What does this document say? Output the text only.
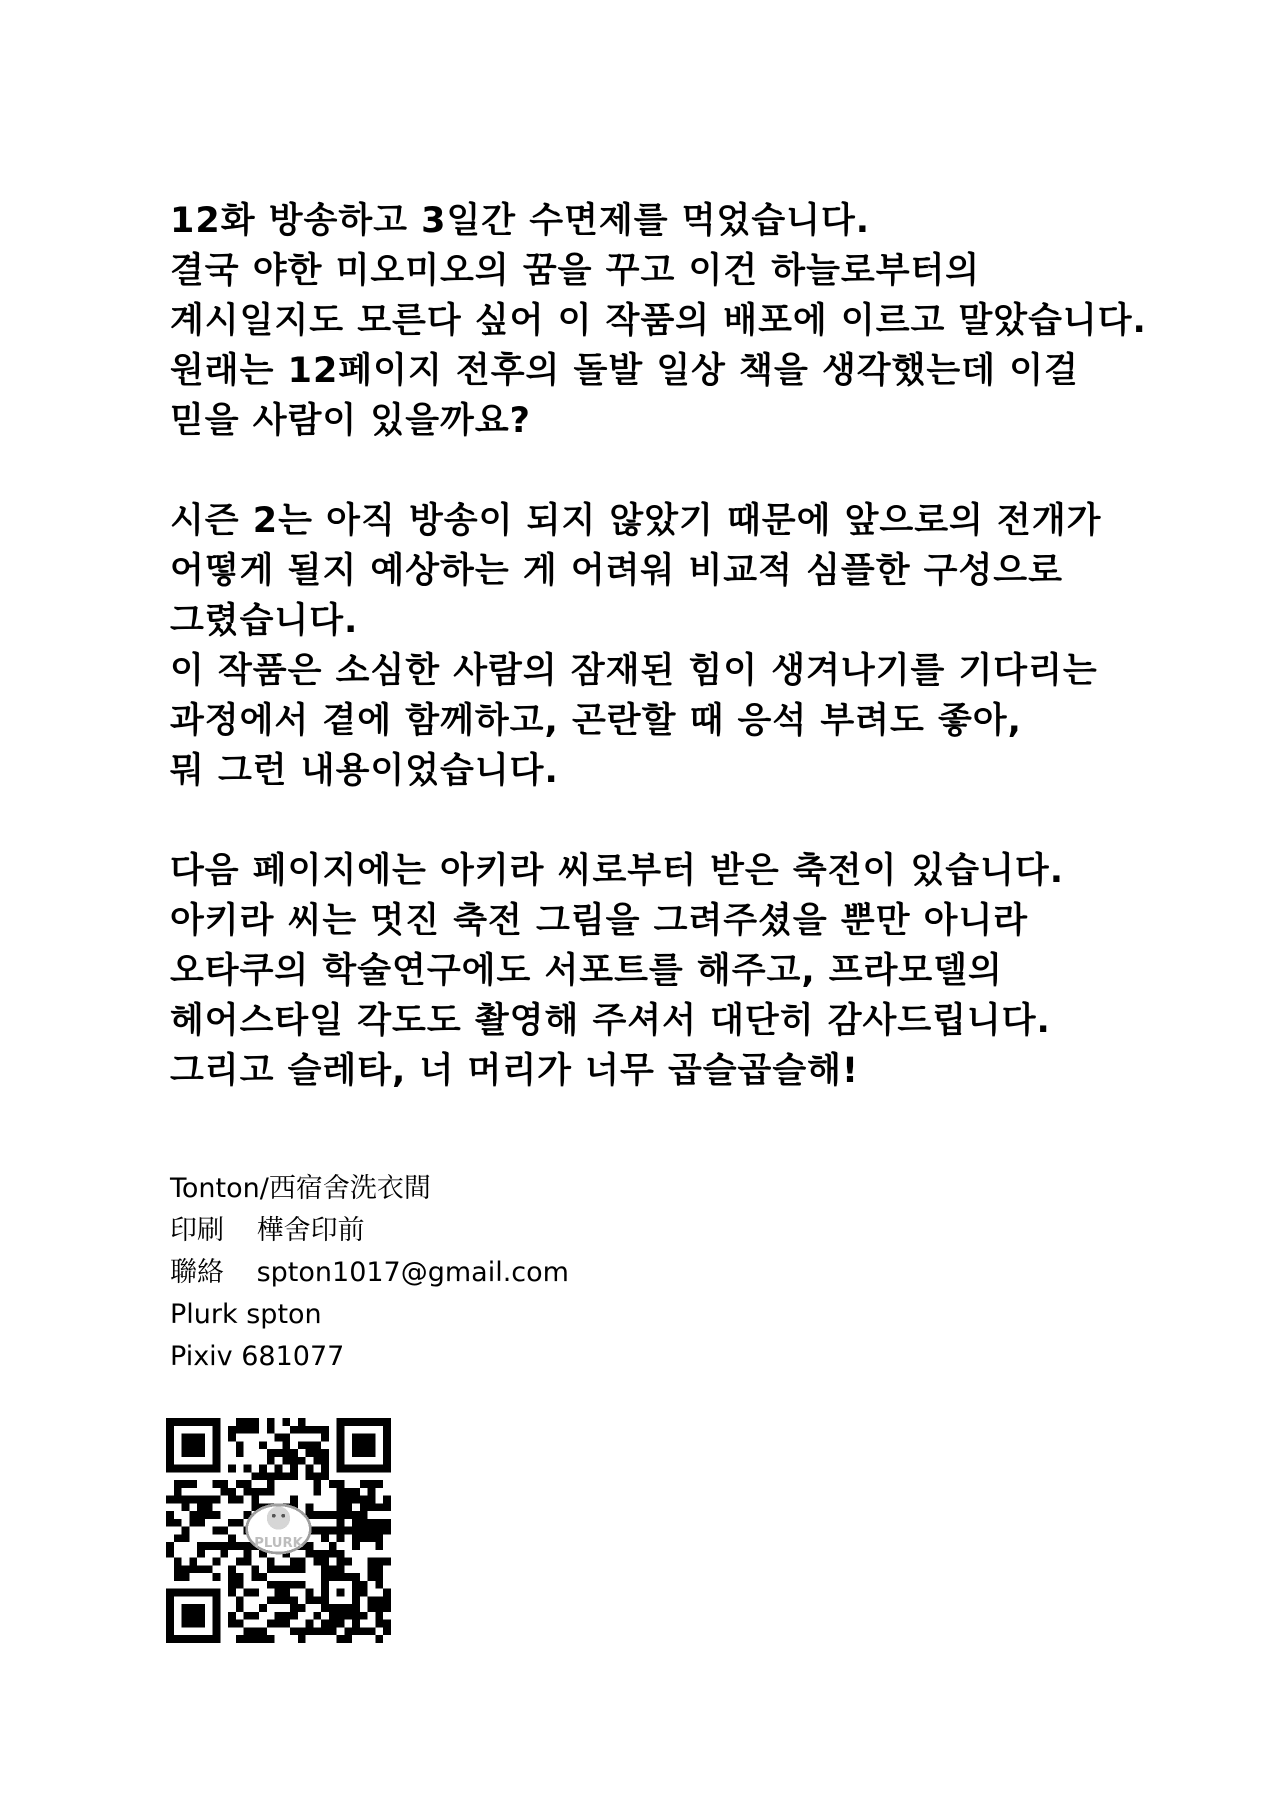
12화 방송하고 3일간 수면제를 먹었습니다.
결국 야한 미오미오의 꿈을 꾸고 이건 하늘로부터의
계시일지도 모른다 싶어 이 작품의 배포에 이르고 말았습니다.
원래는 12페이지 전후의 돌발 일상 책을 생각했는데 이걸
믿을 사람이 있을까요?
시즌 2는 아직 방송이 되지 않았기 때문에 앞으로의 전개가
어떻게 될지 예상하는 게 어려워 비교적 심플한 구성으로
그렸습니다.
이 작품은 소심한 사람의 잠재된 힘이 생겨나기를 기다리는
과정에서 곁에 함께하고, 곤란할 때 응석 부려도 좋아,
뭐 그런 내용이었습니다.
다음 페이지에는 아키라 씨로부터 받은 축전이 있습니다.
아키라 씨는 멋진 축전 그림을 그려주셨을 뿐만 아니라
오타쿠의 학술연구에도 서포트를 해주고, 프라모델의
헤어스타일 각도도 촬영해 주셔서 대단히 감사드립니다.
그리고 슬레타, 너 머리가 너무 곱슬곱슬해!
Tonton/西宿舍洗衣間
印刷 樺舍印前
聯絡 spton1017@gmail.com
Plurk spton
Pixiv 681077
PLURK
